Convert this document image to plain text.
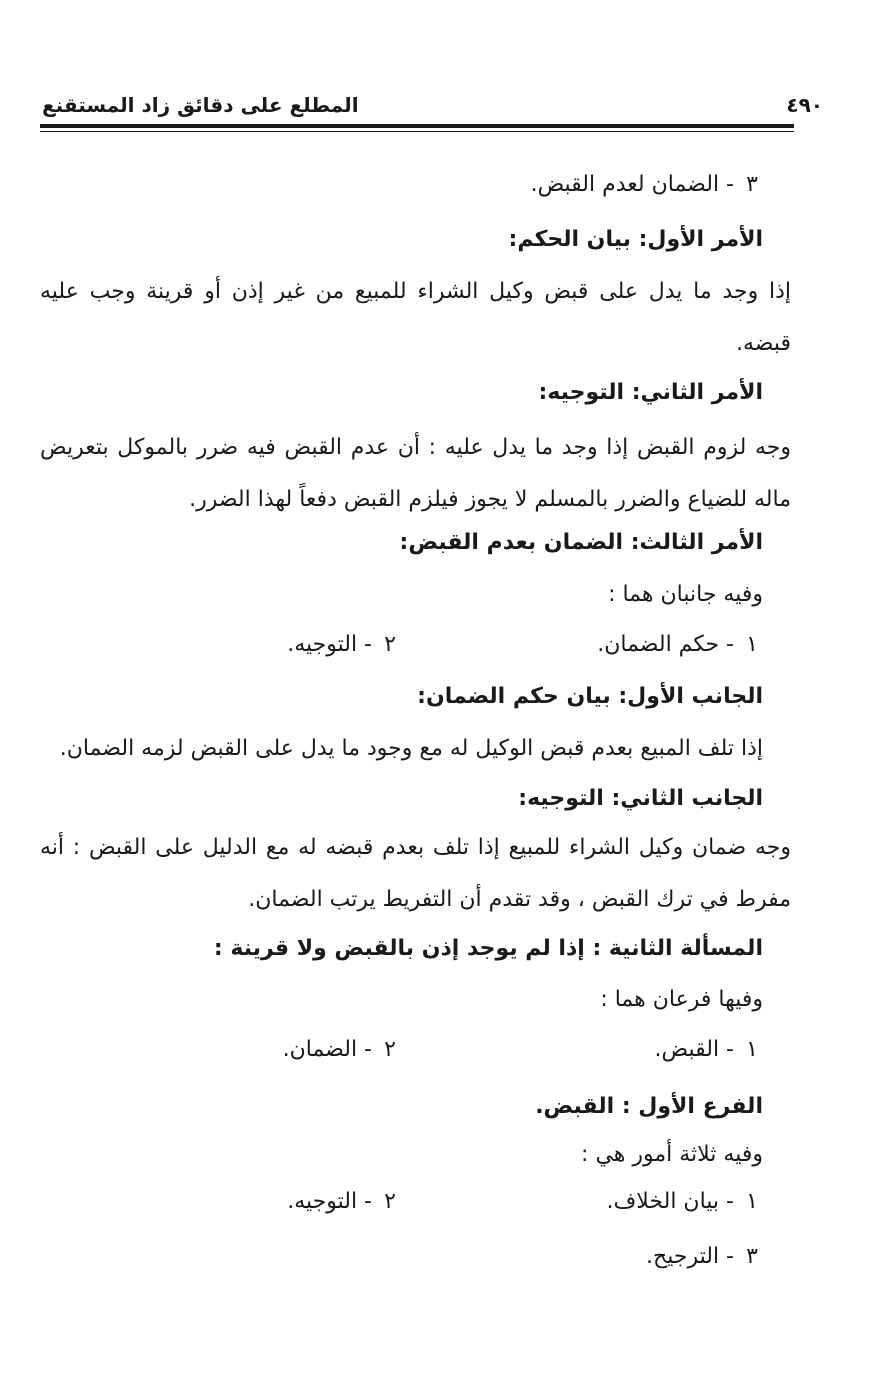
٤٩٠
المطلع على دقائق زاد المستقنع
٣ - الضمان لعدم القبض.
الأمر الأول: بيان الحكم:
إذا وجد ما يدل على قبض وكيل الشراء للمبيع من غير إذن أو قرينة وجب عليه قبضه.
الأمر الثاني: التوجيه:
وجه لزوم القبض إذا وجد ما يدل عليه : أن عدم القبض فيه ضرر بالموكل بتعريض ماله للضياع والضرر بالمسلم لا يجوز فيلزم القبض دفعاً لهذا الضرر.
الأمر الثالث: الضمان بعدم القبض:
وفيه جانبان هما :
١ - حكم الضمان.
٢ - التوجيه.
الجانب الأول: بيان حكم الضمان:
إذا تلف المبيع بعدم قبض الوكيل له مع وجود ما يدل على القبض لزمه الضمان.
الجانب الثاني: التوجيه:
وجه ضمان وكيل الشراء للمبيع إذا تلف بعدم قبضه له مع الدليل على القبض : أنه مفرط في ترك القبض ، وقد تقدم أن التفريط يرتب الضمان.
المسألة الثانية : إذا لم يوجد إذن بالقبض ولا قرينة :
وفيها فرعان هما :
١ - القبض.
٢ - الضمان.
الفرع الأول : القبض.
وفيه ثلاثة أمور هي :
١ - بيان الخلاف.
٢ - التوجيه.
٣ - الترجيح.
